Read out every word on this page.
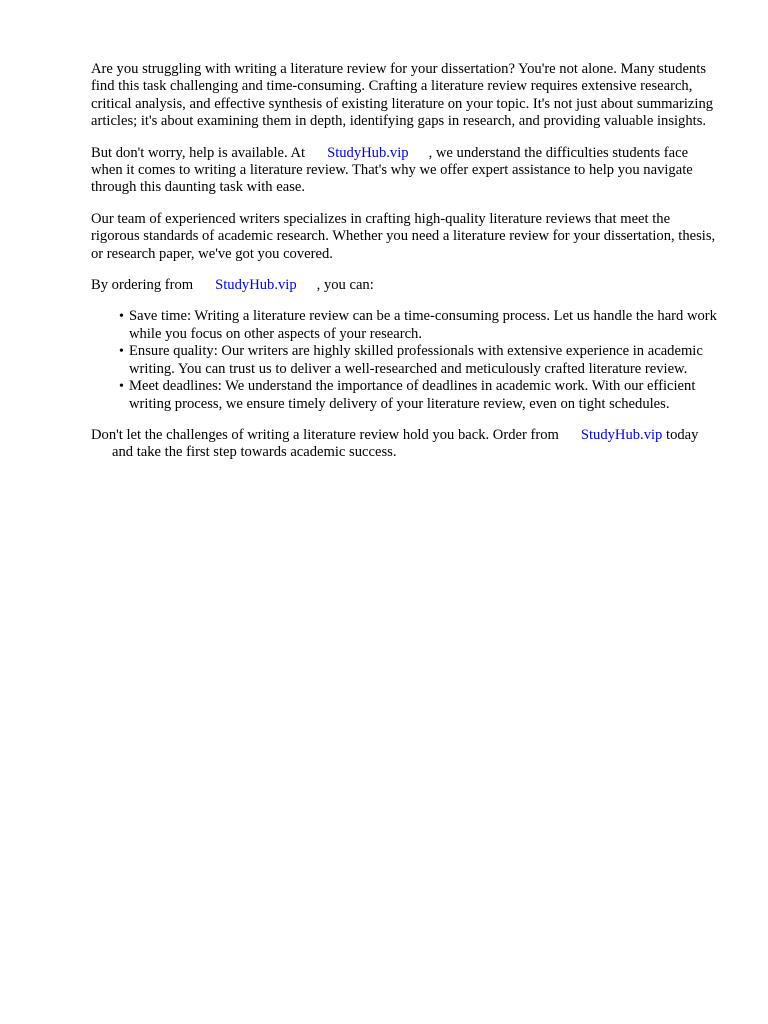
Are you struggling with writing a literature review for your dissertation? You're not alone. Many students find this task challenging and time-consuming. Crafting a literature review requires extensive research, critical analysis, and effective synthesis of existing literature on your topic. It's not just about summarizing articles; it's about examining them in depth, identifying gaps in research, and providing valuable insights.

But don't worry, help is available. At StudyHub.vip , we understand the difficulties students face when it comes to writing a literature review. That's why we offer expert assistance to help you navigate through this daunting task with ease.

Our team of experienced writers specializes in crafting high-quality literature reviews that meet the rigorous standards of academic research. Whether you need a literature review for your dissertation, thesis, or research paper, we've got you covered.

By ordering from StudyHub.vip , you can:

• Save time: Writing a literature review can be a time-consuming process. Let us handle the hard work while you focus on other aspects of your research.
• Ensure quality: Our writers are highly skilled professionals with extensive experience in academic writing. You can trust us to deliver a well-researched and meticulously crafted literature review.
• Meet deadlines: We understand the importance of deadlines in academic work. With our efficient writing process, we ensure timely delivery of your literature review, even on tight schedules.

Don't let the challenges of writing a literature review hold you back. Order from StudyHub.vip today and take the first step towards academic success.
